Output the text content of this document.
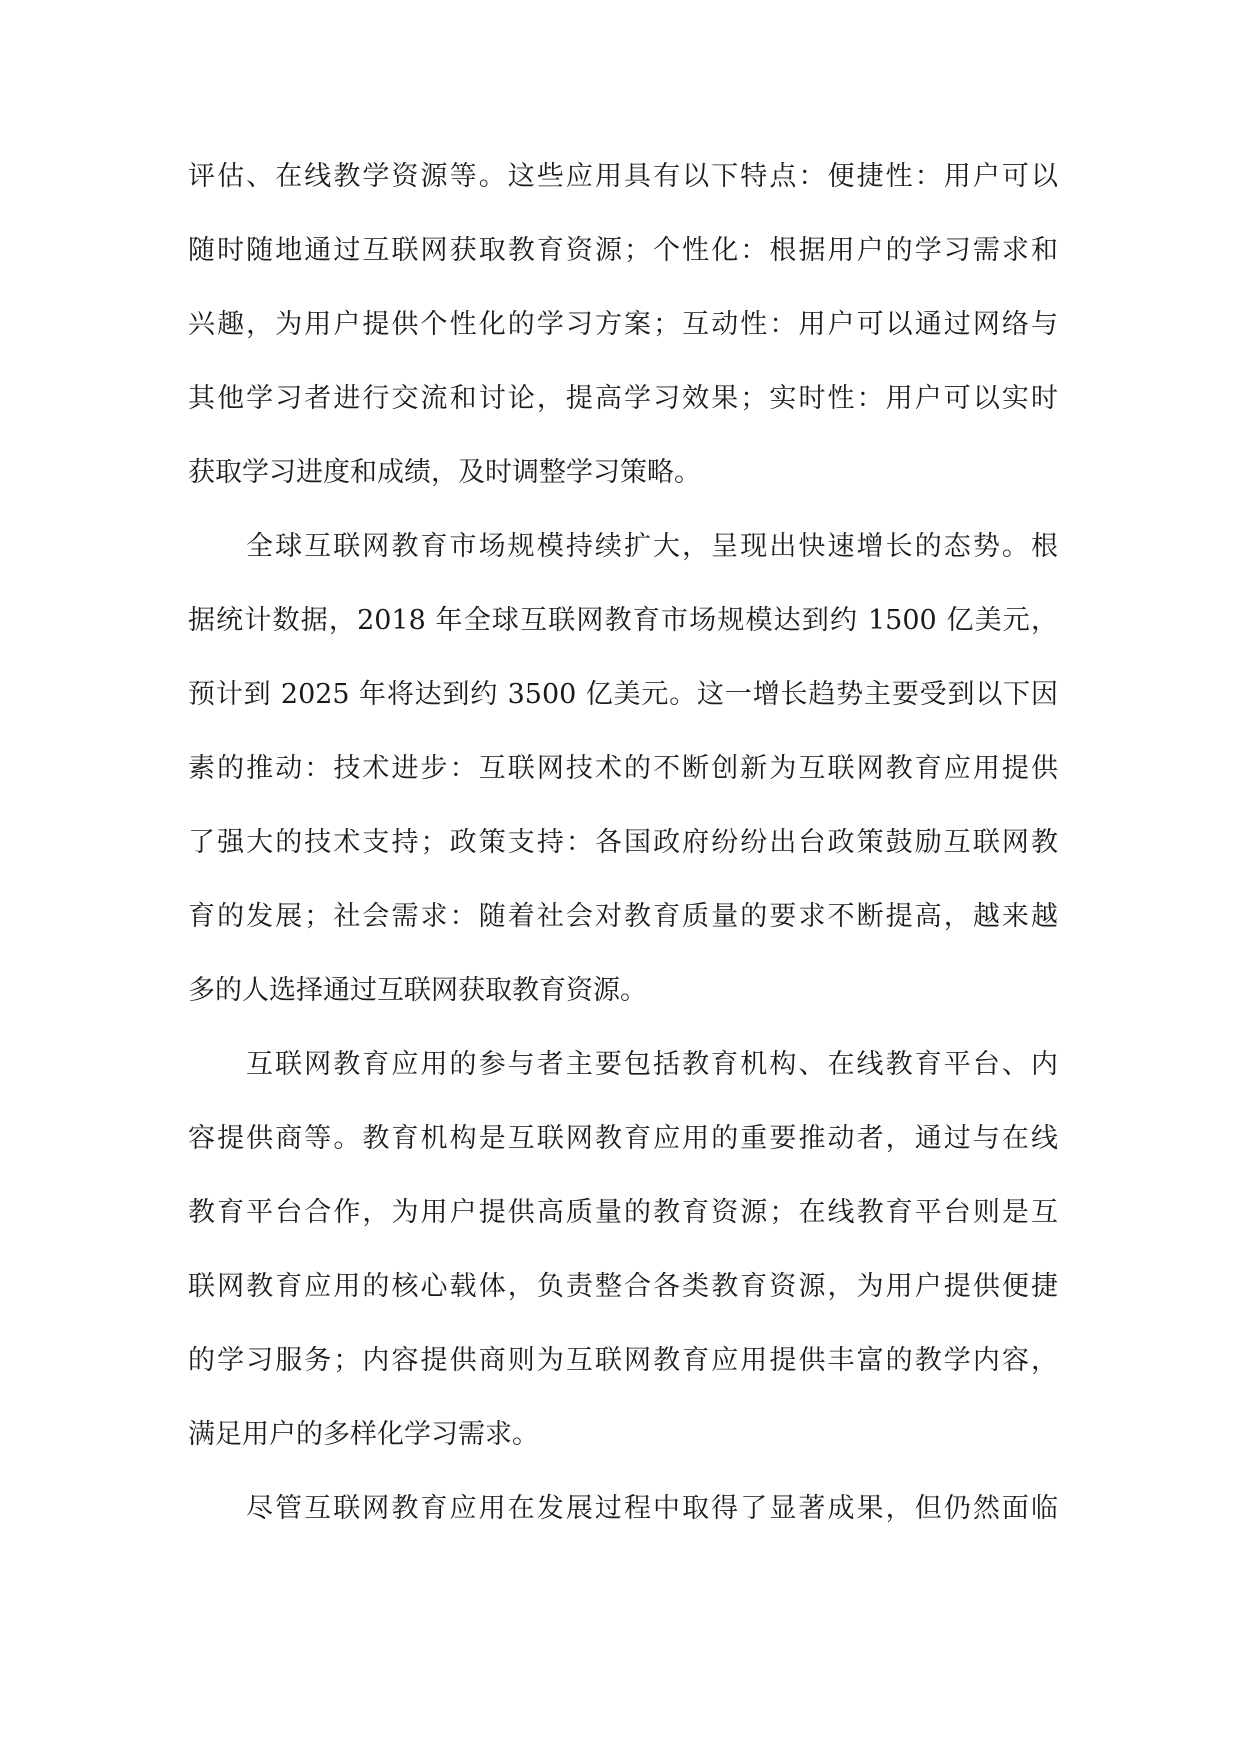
评估、在线教学资源等。这些应用具有以下特点：便捷性：用户可以
随时随地通过互联网获取教育资源；个性化：根据用户的学习需求和
兴趣，为用户提供个性化的学习方案；互动性：用户可以通过网络与
其他学习者进行交流和讨论，提高学习效果；实时性：用户可以实时
获取学习进度和成绩，及时调整学习策略。
全球互联网教育市场规模持续扩大，呈现出快速增长的态势。根
据统计数据，2018 年全球互联网教育市场规模达到约 1500 亿美元，
预计到 2025 年将达到约 3500 亿美元。这一增长趋势主要受到以下因
素的推动：技术进步：互联网技术的不断创新为互联网教育应用提供
了强大的技术支持；政策支持：各国政府纷纷出台政策鼓励互联网教
育的发展；社会需求：随着社会对教育质量的要求不断提高，越来越
多的人选择通过互联网获取教育资源。
互联网教育应用的参与者主要包括教育机构、在线教育平台、内
容提供商等。教育机构是互联网教育应用的重要推动者，通过与在线
教育平台合作，为用户提供高质量的教育资源；在线教育平台则是互
联网教育应用的核心载体，负责整合各类教育资源，为用户提供便捷
的学习服务；内容提供商则为互联网教育应用提供丰富的教学内容，
满足用户的多样化学习需求。
尽管互联网教育应用在发展过程中取得了显著成果，但仍然面临
